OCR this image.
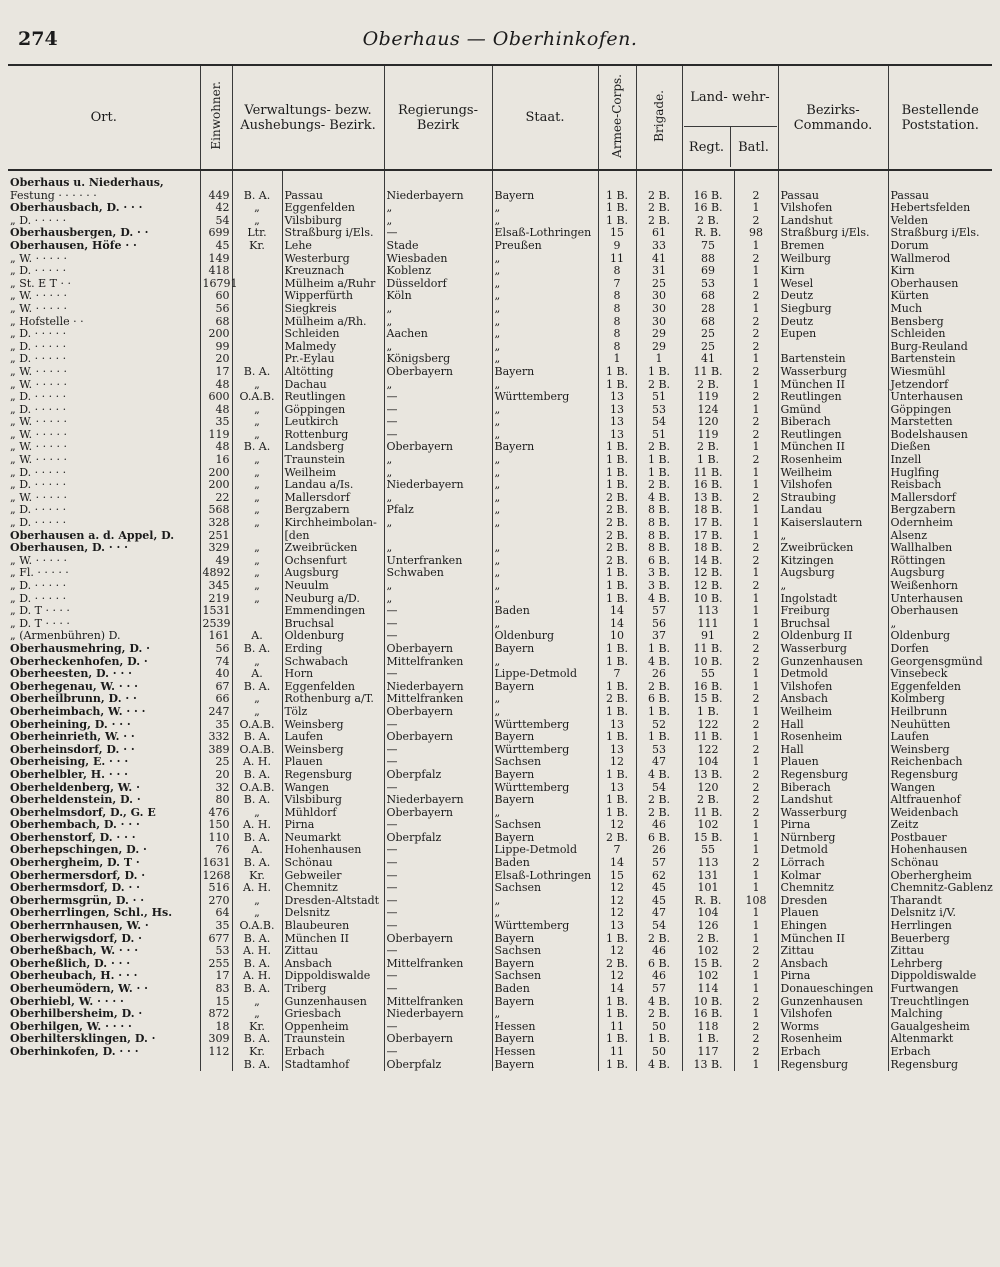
274	Oberhaus — Oberhinkofen.
Ort.	Einwohner.	Verwaltungs- bezw. Aushebungs- Bezirk.		Regierungs- Bezirk	Staat.	Armee-Corps.	Brigade.	Land- wehr-
Regt. Batl.		Bezirks- Commando.	Bestellende Poststation.
Oberhaus u. Niederhaus,											
Festung · · · · · ·	449	B. A.	Passau	Niederbayern	Bayern	1 B.	2 B.	16 B.	2	Passau	Passau
Oberhausbach, D. · · ·	42	„	Eggenfelden	„	„	1 B.	2 B.	16 B.	1	Vilshofen	Hebertsfelden
„ D. · · · · ·	54	„	Vilsbiburg	„	„	1 B.	2 B.	2 B.	2	Landshut	Velden
Oberhausbergen, D. · ·	699	Ltr.	Straßburg i/Els.	—	Elsaß-Lothringen	15	61	R. B.	98	Straßburg i/Els.	Straßburg i/Els.
Oberhausen, Höfe · ·	45	Kr.	Lehe	Stade	Preußen	9	33	75	1	Bremen	Dorum
„ W. · · · · ·	149		Westerburg	Wiesbaden	„	11	41	88	2	Weilburg	Wallmerod
„ D. · · · · ·	418		Kreuznach	Koblenz	„	8	31	69	1	Kirn	Kirn
„ St. E T · ·	16791		Mülheim a/Ruhr	Düsseldorf	„	7	25	53	1	Wesel	Oberhausen
„ W. · · · · ·	60		Wipperfürth	Köln	„	8	30	68	2	Deutz	Kürten
„ W. · · · · ·	56		Siegkreis	„	„	8	30	28	1	Siegburg	Much
„ Hofstelle · ·	68		Mülheim a/Rh.	„	„	8	30	68	2	Deutz	Bensberg
„ D. · · · · ·	200		Schleiden	Aachen	„	8	29	25	2	Eupen	Schleiden
„ D. · · · · ·	99		Malmedy	„	„	8	29	25	2		Burg-Reuland
„ D. · · · · ·	20		Pr.-Eylau	Königsberg	„	1	1	41	1	Bartenstein	Bartenstein
„ W. · · · · ·	17	B. A.	Altötting	Oberbayern	Bayern	1 B.	1 B.	11 B.	2	Wasserburg	Wiesmühl
„ W. · · · · ·	48	„	Dachau	„	„	1 B.	2 B.	2 B.	1	München II	Jetzendorf
„ D. · · · · ·	600	O.A.B.	Reutlingen	—	Württemberg	13	51	119	2	Reutlingen	Unterhausen
„ D. · · · · ·	48	„	Göppingen	—	„	13	53	124	1	Gmünd	Göppingen
„ W. · · · · ·	35	„	Leutkirch	—	„	13	54	120	2	Biberach	Marstetten
„ W. · · · · ·	119	„	Rottenburg	—	„	13	51	119	2	Reutlingen	Bodelshausen
„ W. · · · · ·	48	B. A.	Landsberg	Oberbayern	Bayern	1 B.	2 B.	2 B.	1	München II	Dießen
„ W. · · · · ·	16	„	Traunstein	„	„	1 B.	1 B.	1 B.	2	Rosenheim	Inzell
„ D. · · · · ·	200	„	Weilheim	„	„	1 B.	1 B.	11 B.	1	Weilheim	Huglfing
„ D. · · · · ·	200	„	Landau a/Is.	Niederbayern	„	1 B.	2 B.	16 B.	1	Vilshofen	Reisbach
„ W. · · · · ·	22	„	Mallersdorf	„	„	2 B.	4 B.	13 B.	2	Straubing	Mallersdorf
„ D. · · · · ·	568	„	Bergzabern	Pfalz	„	2 B.	8 B.	18 B.	1	Landau	Bergzabern
„ D. · · · · ·	328	„	Kirchheimbolan-	„	„	2 B.	8 B.	17 B.	1	Kaiserslautern	Odernheim
Oberhausen a. d. Appel, D.	251		[den			2 B.	8 B.	17 B.	1	„	Alsenz
Oberhausen, D. · · ·	329	„	Zweibrücken	„	„	2 B.	8 B.	18 B.	2	Zweibrücken	Wallhalben
„ W. · · · · ·	49	„	Ochsenfurt	Unterfranken	„	2 B.	6 B.	14 B.	2	Kitzingen	Röttingen
„ Fl. · · · · ·	4892	„	Augsburg	Schwaben	„	1 B.	3 B.	12 B.	1	Augsburg	Augsburg
„ D. · · · · ·	345	„	Neuulm	„	„	1 B.	3 B.	12 B.	2	„	Weißenhorn
„ D. · · · · ·	219	„	Neuburg a/D.	„	„	1 B.	4 B.	10 B.	1	Ingolstadt	Unterhausen
„ D. T · · · ·	1531		Emmendingen	—	Baden	14	57	113	1	Freiburg	Oberhausen
„ D. T · · · ·	2539		Bruchsal	—	„	14	56	111	1	Bruchsal	„
„ (Armenbühren) D.	161	A.	Oldenburg	—	Oldenburg	10	37	91	2	Oldenburg II	Oldenburg
Oberhausmehring, D. ·	56	B. A.	Erding	Oberbayern	Bayern	1 B.	1 B.	11 B.	2	Wasserburg	Dorfen
Oberheckenhofen, D. ·	74	„	Schwabach	Mittelfranken	„	1 B.	4 B.	10 B.	2	Gunzenhausen	Georgensgmünd
Oberheesten, D. · · ·	40	A.	Horn	—	Lippe-Detmold	7	26	55	1	Detmold	Vinsebeck
Oberhegenau, W. · · ·	67	B. A.	Eggenfelden	Niederbayern	Bayern	1 B.	2 B.	16 B.	1	Vilshofen	Eggenfelden
Oberheilbrunn, D. · ·	66	„	Rothenburg a/T.	Mittelfranken	„	2 B.	6 B.	15 B.	2	Ansbach	Kolmberg
Oberheimbach, W. · · ·	247	„	Tölz	Oberbayern	„	1 B.	1 B.	1 B.	1	Weilheim	Heilbrunn
Oberheining, D. · · ·	35	O.A.B.	Weinsberg	—	Württemberg	13	52	122	2	Hall	Neuhütten
Oberheinrieth, W. · ·	332	B. A.	Laufen	Oberbayern	Bayern	1 B.	1 B.	11 B.	1	Rosenheim	Laufen
Oberheinsdorf, D. · ·	389	O.A.B.	Weinsberg	—	Württemberg	13	53	122	2	Hall	Weinsberg
Oberheising, E. · · ·	25	A. H.	Plauen	—	Sachsen	12	47	104	1	Plauen	Reichenbach
Oberhelbler, H. · · ·	20	B. A.	Regensburg	Oberpfalz	Bayern	1 B.	4 B.	13 B.	2	Regensburg	Regensburg
Oberheldenberg, W. ·	32	O.A.B.	Wangen	—	Württemberg	13	54	120	2	Biberach	Wangen
Oberheldenstein, D. ·	80	B. A.	Vilsbiburg	Niederbayern	Bayern	1 B.	2 B.	2 B.	2	Landshut	Altfrauenhof
Oberhelmsdorf, D., G. E	476	„	Mühldorf	Oberbayern	„	1 B.	2 B.	11 B.	2	Wasserburg	Weidenbach
Oberhembach, D. · · ·	150	A. H.	Pirna	—	Sachsen	12	46	102	1	Pirna	Zeitz
Oberhenstorf, D. · · ·	110	B. A.	Neumarkt	Oberpfalz	Bayern	2 B.	6 B.	15 B.	1	Nürnberg	Postbauer
Oberhepschingen, D. ·	76	A.	Hohenhausen	—	Lippe-Detmold	7	26	55	1	Detmold	Hohenhausen
Oberhergheim, D. T ·	1631	B. A.	Schönau	—	Baden	14	57	113	2	Lörrach	Schönau
Oberhermersdorf, D. ·	1268	Kr.	Gebweiler	—	Elsaß-Lothringen	15	62	131	1	Kolmar	Oberhergheim
Oberhermsdorf, D. · ·	516	A. H.	Chemnitz	—	Sachsen	12	45	101	1	Chemnitz	Chemnitz-Gablenz
Oberhermsgrün, D. · ·	270	„	Dresden-Altstadt	—	„	12	45	R. B.	108	Dresden	Tharandt
Oberherrlingen, Schl., Hs.	64	„	Delsnitz	—	„	12	47	104	1	Plauen	Delsnitz i/V.
Oberherrnhausen, W. ·	35	O.A.B.	Blaubeuren	—	Württemberg	13	54	126	1	Ehingen	Herrlingen
Oberherwigsdorf, D. ·	677	B. A.	München II	Oberbayern	Bayern	1 B.	2 B.	2 B.	1	München II	Beuerberg
Oberheßbach, W. · · ·	53	A. H.	Zittau	—	Sachsen	12	46	102	2	Zittau	Zittau
Oberheßlich, D. · · ·	255	B. A.	Ansbach	Mittelfranken	Bayern	2 B.	6 B.	15 B.	2	Ansbach	Lehrberg
Oberheubach, H. · · ·	17	A. H.	Dippoldiswalde	—	Sachsen	12	46	102	1	Pirna	Dippoldiswalde
Oberheumödern, W. · ·	83	B. A.	Triberg	—	Baden	14	57	114	1	Donaueschingen	Furtwangen
Oberhiebl, W. · · · ·	15	„	Gunzenhausen	Mittelfranken	Bayern	1 B.	4 B.	10 B.	2	Gunzenhausen	Treuchtlingen
Oberhilbersheim, D. ·	872	„	Griesbach	Niederbayern	„	1 B.	2 B.	16 B.	1	Vilshofen	Malching
Oberhilgen, W. · · · ·	18	Kr.	Oppenheim	—	Hessen	11	50	118	2	Worms	Gaualgesheim
Oberhiltersklingen, D. ·	309	B. A.	Traunstein	Oberbayern	Bayern	1 B.	1 B.	1 B.	2	Rosenheim	Altenmarkt
Oberhinkofen, D. · · ·	112	Kr.	Erbach	—	Hessen	11	50	117	2	Erbach	Erbach
		B. A.	Stadtamhof	Oberpfalz	Bayern	1 B.	4 B.	13 B.	1	Regensburg	Regensburg
